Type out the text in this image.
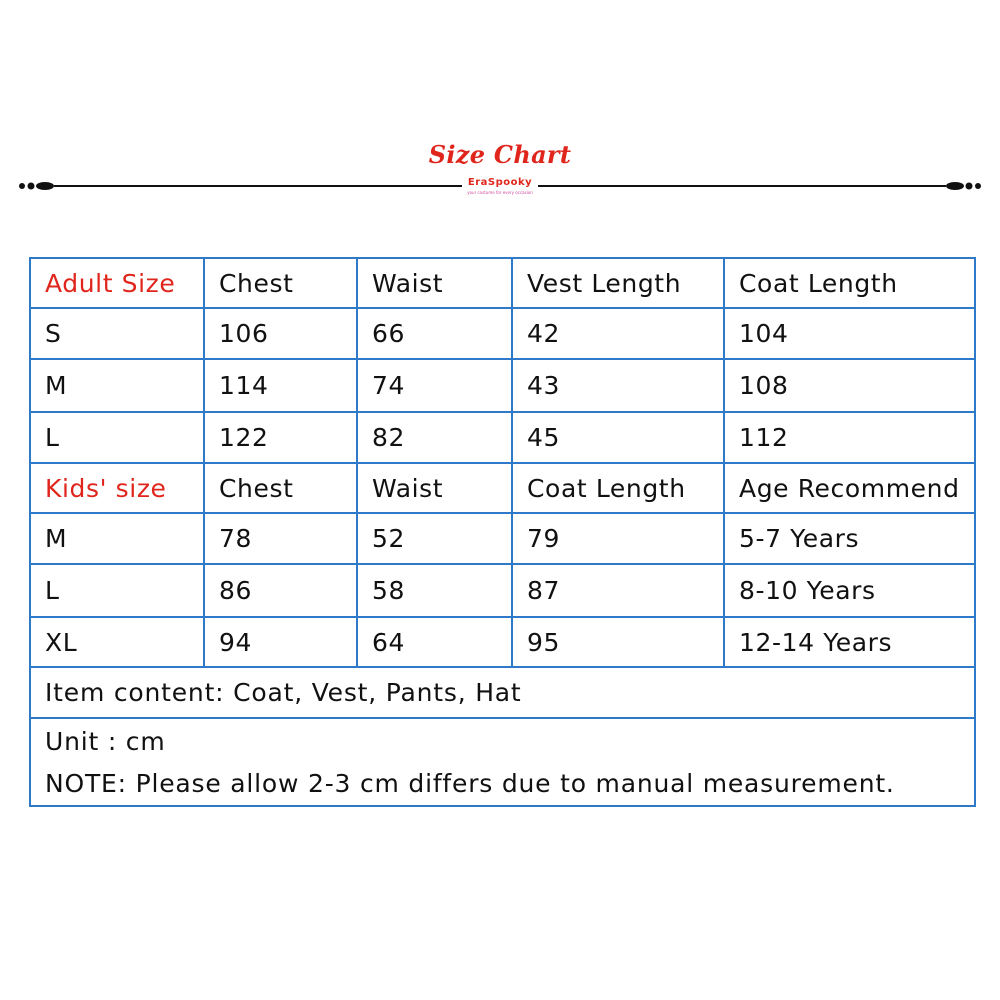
Size Chart
EraSpooky
your costume for every occasion
Adult Size	Chest	Waist	Vest Length	Coat Length
S	106	66	42	104
M	114	74	43	108
L	122	82	45	112
Kids' size	Chest	Waist	Coat Length	Age Recommend
M	78	52	79	5-7 Years
L	86	58	87	8-10 Years
XL	94	64	95	12-14 Years
Item content: Coat, Vest, Pants, Hat				

Unit : cm
NOTE: Please allow 2-3 cm differs due to manual measurement.				
